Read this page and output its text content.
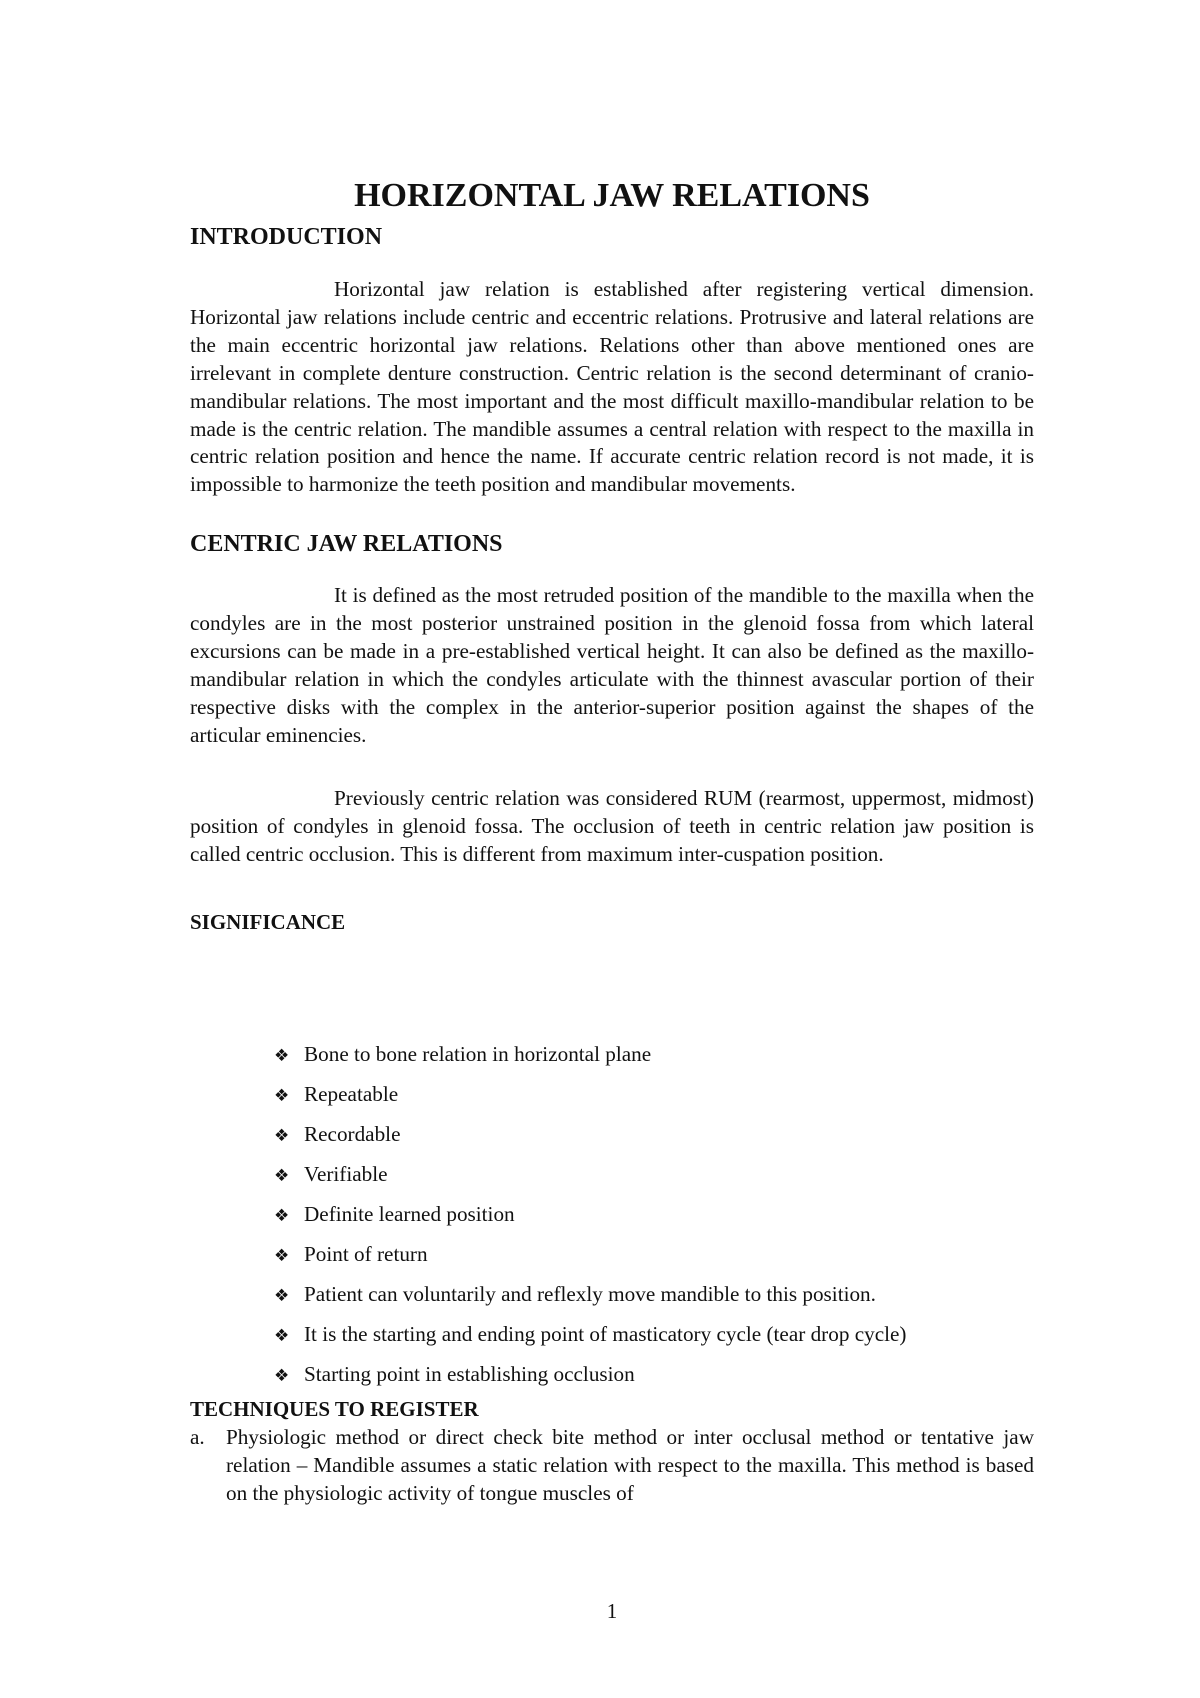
HORIZONTAL JAW RELATIONS
INTRODUCTION

Horizontal jaw relation is established after registering vertical dimension. Horizontal jaw relations include centric and eccentric relations. Protrusive and lateral relations are the main eccentric horizontal jaw relations. Relations other than above mentioned ones are irrelevant in complete denture construction. Centric relation is the second determinant of cranio-mandibular relations. The most important and the most difficult maxillo-mandibular relation to be made is the centric relation. The mandible assumes a central relation with respect to the maxilla in centric relation position and hence the name. If accurate centric relation record is not made, it is impossible to harmonize the teeth position and mandibular movements.

CENTRIC JAW RELATIONS

It is defined as the most retruded position of the mandible to the maxilla when the condyles are in the most posterior unstrained position in the glenoid fossa from which lateral excursions can be made in a pre-established vertical height. It can also be defined as the maxillo-mandibular relation in which the condyles articulate with the thinnest avascular portion of their respective disks with the complex in the anterior-superior position against the shapes of the articular eminencies.

Previously centric relation was considered RUM (rearmost, uppermost, midmost) position of condyles in glenoid fossa. The occlusion of teeth in centric relation jaw position is called centric occlusion. This is different from maximum inter-cuspation position.

SIGNIFICANCE
❖ Bone to bone relation in horizontal plane
❖ Repeatable
❖ Recordable
❖ Verifiable
❖ Definite learned position
❖ Point of return
❖ Patient can voluntarily and reflexly move mandible to this position.
❖ It is the starting and ending point of masticatory cycle (tear drop cycle)
❖ Starting point in establishing occlusion
TECHNIQUES TO REGISTER
a.	Physiologic method or direct check bite method or inter occlusal method or tentative jaw relation – Mandible assumes a static relation with respect to the maxilla. This method is based on the physiologic activity of tongue muscles of
1
